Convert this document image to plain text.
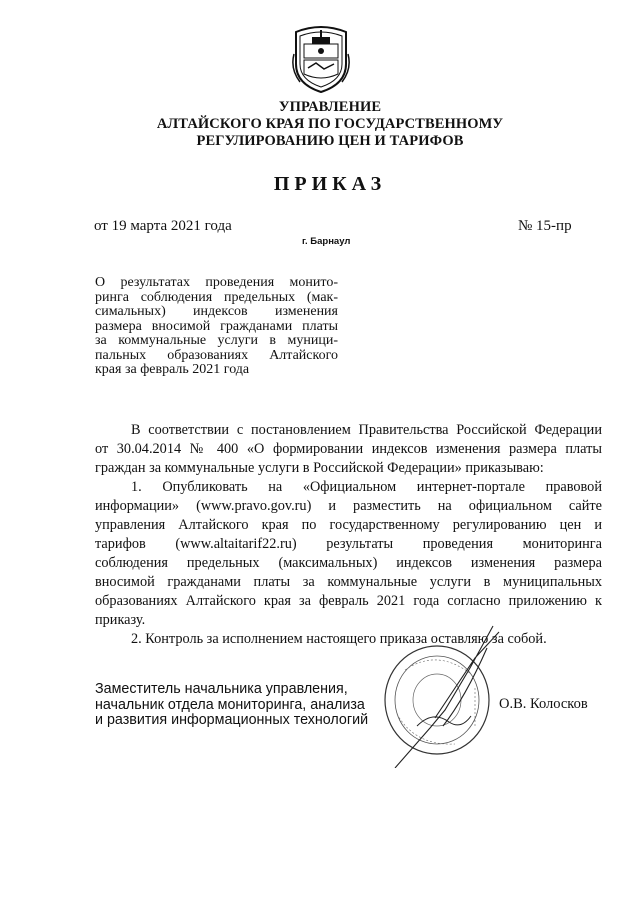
УПРАВЛЕНИЕ
АЛТАЙСКОГО КРАЯ ПО ГОСУДАРСТВЕННОМУ
РЕГУЛИРОВАНИЮ ЦЕН И ТАРИФОВ
ПРИКАЗ
от 19 марта 2021 года	№ 15-пр
г. Барнаул
О результатах проведения монито-
ринга соблюдения предельных (мак-
симальных) индексов изменения
размера вносимой гражданами платы
за коммунальные услуги в муници-
пальных образованиях Алтайского
края за февраль 2021 года
В соответствии с постановлением Правительства Российской Федерации
от 30.04.2014 № 400 «О формировании индексов изменения размера платы
граждан за коммунальные услуги в Российской Федерации» приказываю:
1. Опубликовать на «Официальном интернет-портале правовой
информации» (www.pravo.gov.ru) и разместить на официальном сайте
управления Алтайского края по государственному регулированию цен и
тарифов (www.altaitarif22.ru) результаты проведения мониторинга
соблюдения предельных (максимальных) индексов изменения размера
вносимой гражданами платы за коммунальные услуги в муниципальных
образованиях Алтайского края за февраль 2021 года согласно приложению к
приказу.
2. Контроль за исполнением настоящего приказа оставляю за собой.
Заместитель начальника управления,
начальник отдела мониторинга, анализа
и развития информационных технологий
О.В. Колосков
